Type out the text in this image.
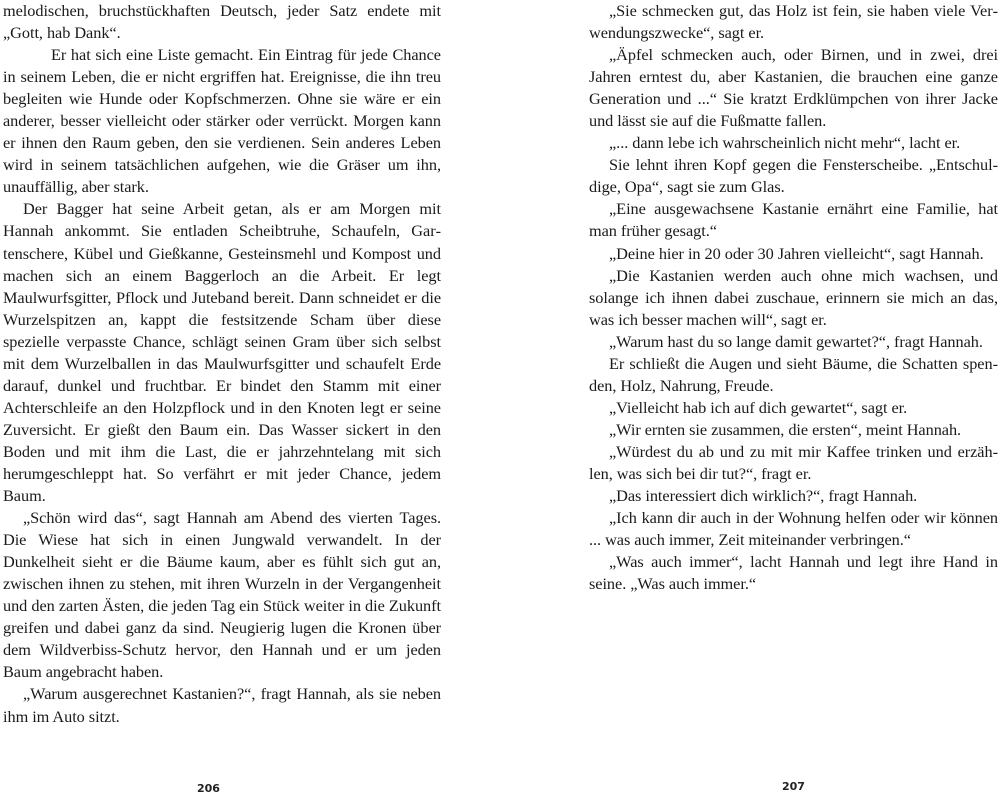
melodischen, bruchstückhaften Deutsch, jeder Satz endete mit „Gott, hab Dank“.

Er hat sich eine Liste gemacht. Ein Eintrag für jede Chance in seinem Leben, die er nicht ergriffen hat. Ereignisse, die ihn treu begleiten wie Hunde oder Kopfschmerzen. Ohne sie wäre er ein anderer, besser vielleicht oder stärker oder verrückt. Morgen kann er ihnen den Raum geben, den sie verdienen. Sein anderes Leben wird in seinem tatsächlichen aufgehen, wie die Gräser um ihn, unauffällig, aber stark.

Der Bagger hat seine Arbeit getan, als er am Morgen mit Hannah ankommt. Sie entladen Scheibtruhe, Schaufeln, Gartenschere, Kübel und Gießkanne, Gesteinsmehl und Kompost und machen sich an einem Baggerloch an die Arbeit. Er legt Maulwurfsgitter, Pflock und Juteband bereit. Dann schneidet er die Wurzelspitzen an, kappt die festsitzende Scham über diese spezielle verpasste Chance, schlägt seinen Gram über sich selbst mit dem Wurzelballen in das Maulwurfsgitter und schaufelt Erde darauf, dunkel und fruchtbar. Er bindet den Stamm mit einer Achterschleife an den Holzpflock und in den Knoten legt er seine Zuversicht. Er gießt den Baum ein. Das Wasser sickert in den Boden und mit ihm die Last, die er jahrzehntelang mit sich herumgeschleppt hat. So verfährt er mit jeder Chance, jedem Baum.

„Schön wird das“, sagt Hannah am Abend des vierten Tages. Die Wiese hat sich in einen Jungwald verwandelt. In der Dunkelheit sieht er die Bäume kaum, aber es fühlt sich gut an, zwischen ihnen zu stehen, mit ihren Wurzeln in der Vergangenheit und den zarten Ästen, die jeden Tag ein Stück weiter in die Zukunft greifen und dabei ganz da sind. Neugierig lugen die Kronen über dem Wildverbiss-Schutz hervor, den Hannah und er um jeden Baum angebracht haben.

„Warum ausgerechnet Kastanien?“, fragt Hannah, als sie neben ihm im Auto sitzt.

206

„Sie schmecken gut, das Holz ist fein, sie haben viele Verwendungszwecke“, sagt er.

„Äpfel schmecken auch, oder Birnen, und in zwei, drei Jahren erntest du, aber Kastanien, die brauchen eine ganze Generation und ...“ Sie kratzt Erdklümpchen von ihrer Jacke und lässt sie auf die Fußmatte fallen.

„... dann lebe ich wahrscheinlich nicht mehr“, lacht er.

Sie lehnt ihren Kopf gegen die Fensterscheibe. „Entschuldige, Opa“, sagt sie zum Glas.

„Eine ausgewachsene Kastanie ernährt eine Familie, hat man früher gesagt.“

„Deine hier in 20 oder 30 Jahren vielleicht“, sagt Hannah.

„Die Kastanien werden auch ohne mich wachsen, und solange ich ihnen dabei zuschaue, erinnern sie mich an das, was ich besser machen will“, sagt er.

„Warum hast du so lange damit gewartet?“, fragt Hannah.

Er schließt die Augen und sieht Bäume, die Schatten spenden, Holz, Nahrung, Freude.

„Vielleicht hab ich auf dich gewartet“, sagt er.

„Wir ernten sie zusammen, die ersten“, meint Hannah.

„Würdest du ab und zu mit mir Kaffee trinken und erzählen, was sich bei dir tut?“, fragt er.

„Das interessiert dich wirklich?“, fragt Hannah.

„Ich kann dir auch in der Wohnung helfen oder wir können ... was auch immer, Zeit miteinander verbringen.“

„Was auch immer“, lacht Hannah und legt ihre Hand in seine. „Was auch immer.“

207
